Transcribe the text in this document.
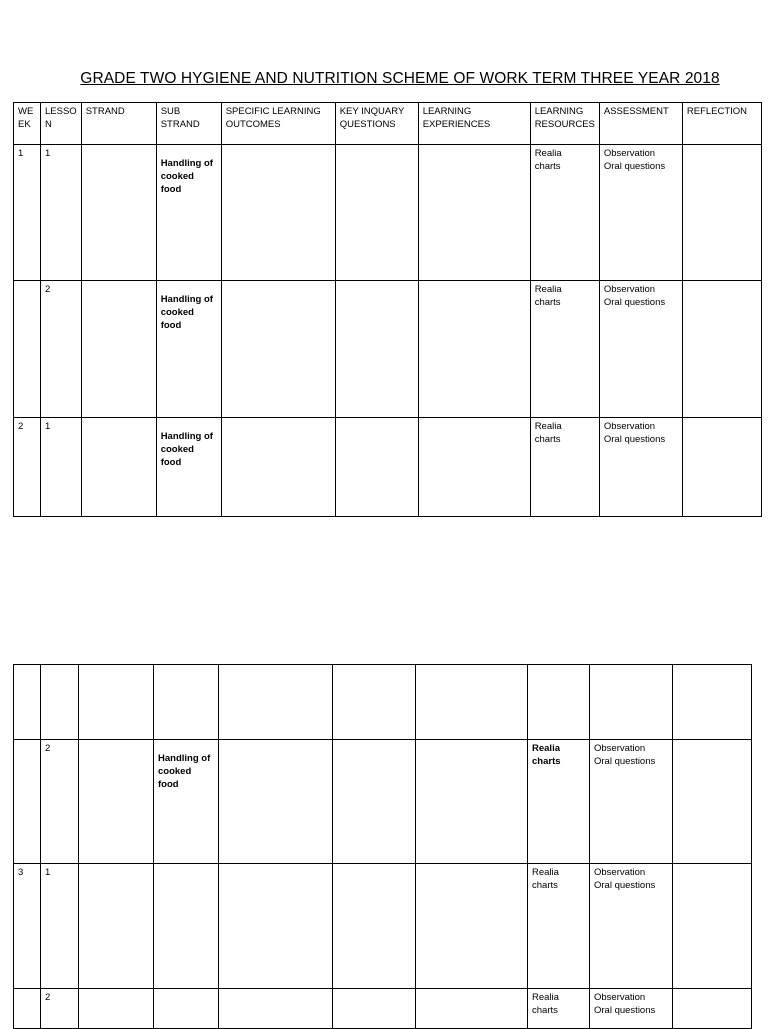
GRADE TWO HYGIENE AND NUTRITION SCHEME OF WORK TERM THREE YEAR 2018
WE
EK	LESSO
N	STRAND	SUB
STRAND	SPECIFIC LEARNING
OUTCOMES	KEY INQUARY
QUESTIONS	LEARNING
EXPERIENCES	LEARNING
RESOURCES	ASSESSMENT	REFLECTION

1	1		Handling of
cooked
food				Realia
charts	Observation
Oral questions	

	2		Handling of
cooked
food				Realia
charts	Observation
Oral questions	

2	1		Handling of
cooked
food				Realia
charts	Observation
Oral questions	

	2		Handling of
cooked
food				Realia
charts	Observation
Oral questions	

3	1						Realia
charts	Observation
Oral questions	

	2						Realia
charts	Observation
Oral questions	
